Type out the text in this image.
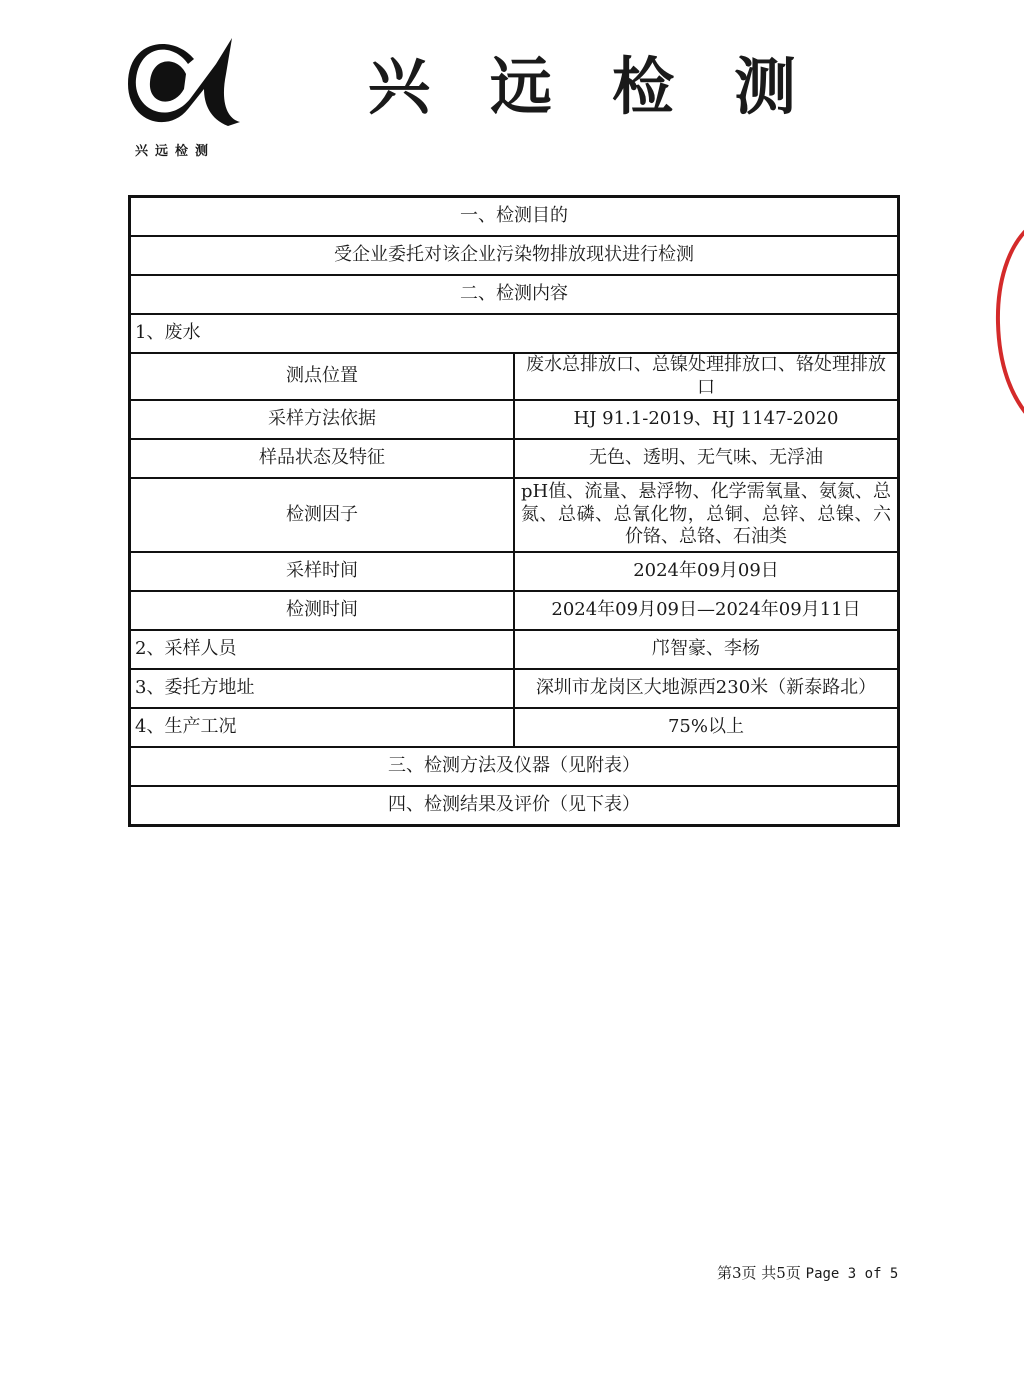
兴远检测
兴远检测
一、检测目的	
受企业委托对该企业污染物排放现状进行检测	
二、检测内容	
1、废水	
测点位置	废水总排放口、总镍处理排放口、铬处理排放口
采样方法依据	HJ 91.1-2019、HJ 1147-2020
样品状态及特征	无色、透明、无气味、无浮油
检测因子	pH值、流量、悬浮物、化学需氧量、氨氮、总氮、总磷、总氰化物，总铜、总锌、总镍、六价铬、总铬、石油类
采样时间	2024年09月09日
检测时间	2024年09月09日—2024年09月11日
2、采样人员	邝智豪、李杨
3、委托方地址	深圳市龙岗区大地源西230米（新泰路北）
4、生产工况	75%以上
三、检测方法及仪器（见附表）	
四、检测结果及评价（见下表）	
第3页 共5页 Page 3 of 5
